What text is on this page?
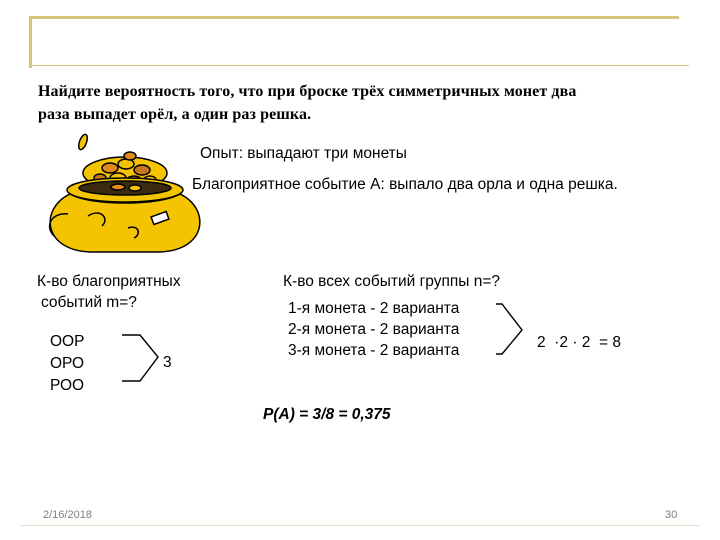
Найдите вероятность того, что при броске трёх симметричных монет два
раза выпадет орёл, а один раз решка.
Опыт: выпадают три монеты
Благоприятное событие А: выпало два орла и одна решка.
К-во благоприятных
событий m=?
ООР
ОРО
РОО
3
К-во всех событий группы n=?
1-я монета - 2 варианта
2-я монета - 2 варианта
3-я монета - 2 варианта	2  ·2 · 2  = 8
Р(А) = 3/8 = 0,375
2/16/2018	30
